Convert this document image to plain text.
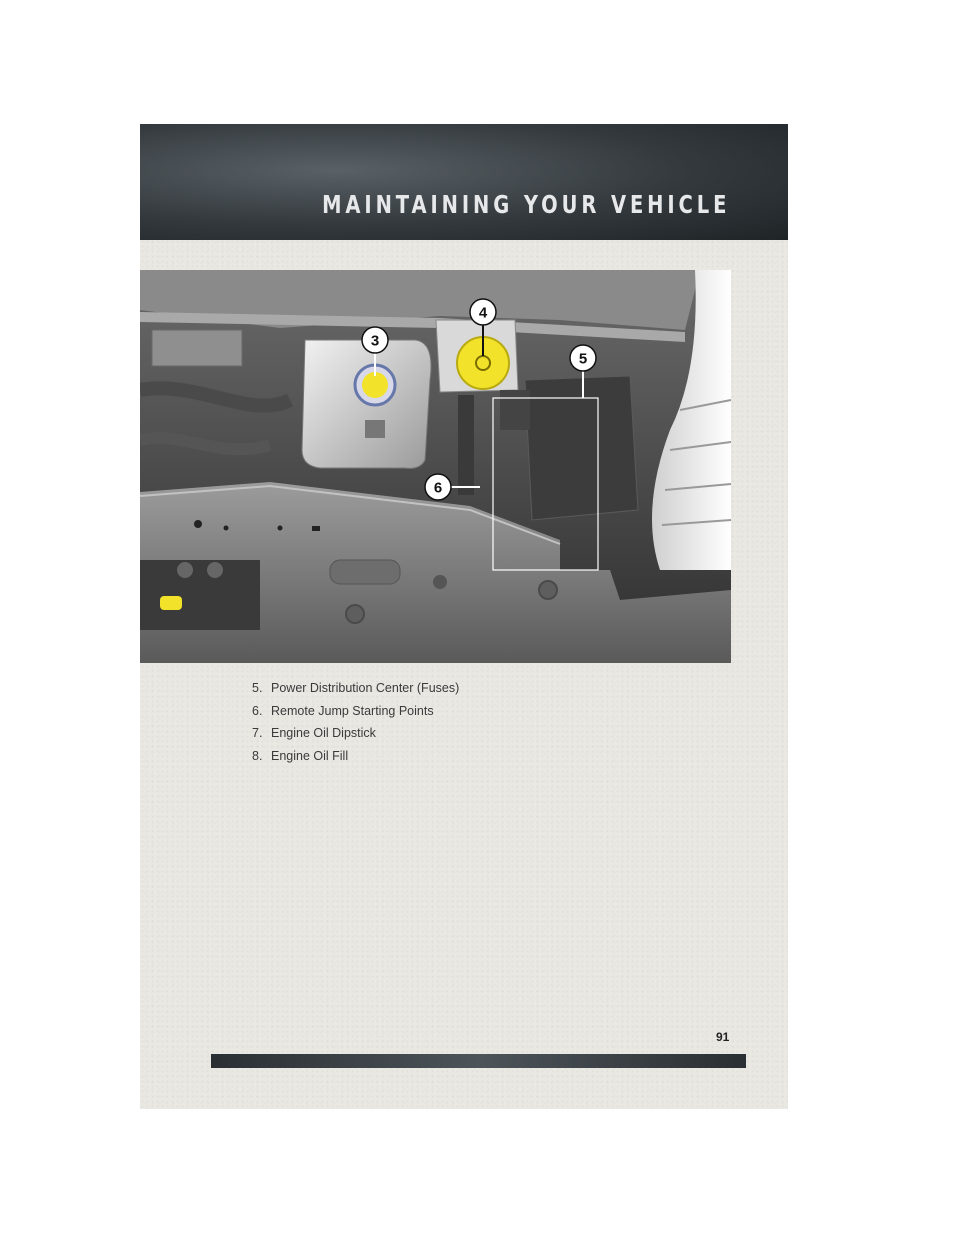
MAINTAINING YOUR VEHICLE
3
4
5
6
5. Power Distribution Center (Fuses)
6. Remote Jump Starting Points
7. Engine Oil Dipstick
8. Engine Oil Fill
91
